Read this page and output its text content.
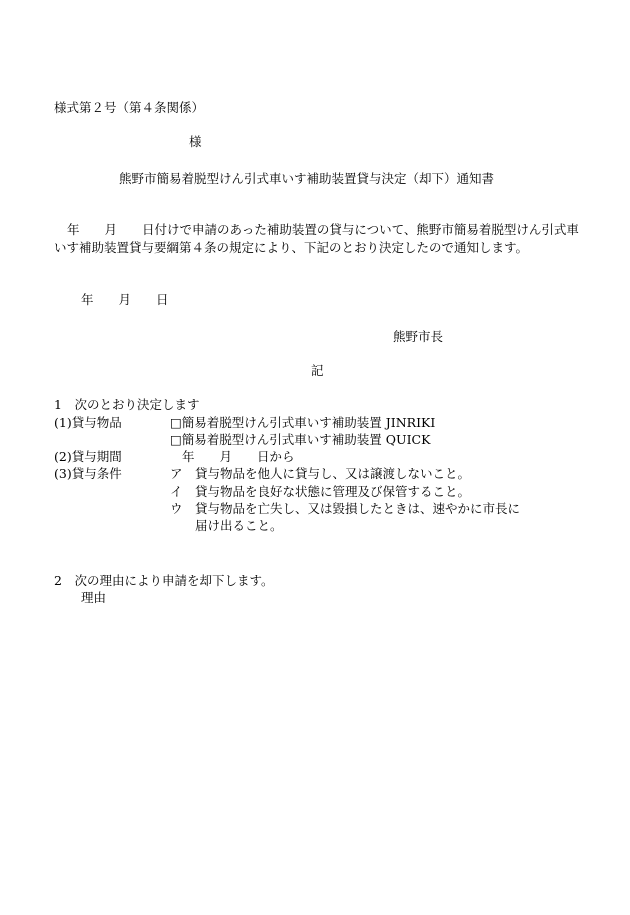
様式第２号（第４条関係）
様
熊野市簡易着脱型けん引式車いす補助装置貸与決定（却下）通知書
年　　月　　日付けで申請のあった補助装置の貸与について、熊野市簡易着脱型けん引式車いす補助装置貸与要綱第４条の規定により、下記のとおり決定したので通知します。
年　　月　　日
熊野市長
記
1　次のとおり決定します
(1)貸与物品	□簡易着脱型けん引式車いす補助装置 JINRIKI
□簡易着脱型けん引式車いす補助装置 QUICK
(2)貸与期間	年　　月　　日から
(3)貸与条件	ア　貸与物品を他人に貸与し、又は譲渡しないこと。
イ　貸与物品を良好な状態に管理及び保管すること。
ウ　貸与物品を亡失し、又は毀損したときは、速やかに市長に
届け出ること。
2　次の理由により申請を却下します。
理由
